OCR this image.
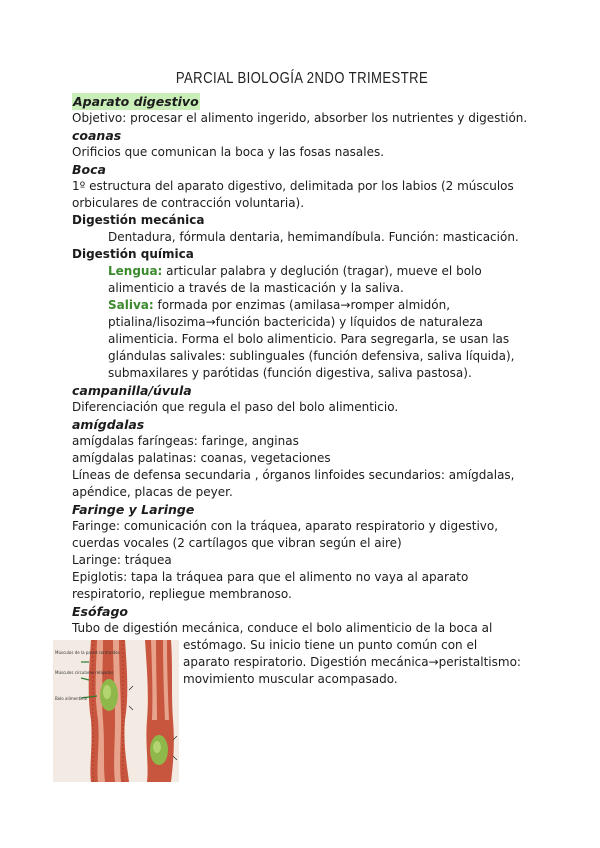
PARCIAL BIOLOGÍA 2NDO TRIMESTRE
Aparato digestivo

Objetivo: procesar el alimento ingerido, absorber los nutrientes y digestión.

coanas

Orificios que comunican la boca y las fosas nasales.

Boca

1º estructura del aparato digestivo, delimitada por los labios (2 músculos

orbiculares de contracción voluntaria).

Digestión mecánica

Dentadura, fórmula dentaria, hemimandíbula. Función: masticación.

Digestión química

Lengua: articular palabra y deglución (tragar), mueve el bolo

alimenticio a través de la masticación y la saliva.

Saliva: formada por enzimas (amilasa→romper almidón,

ptialina/lisozima→función bactericida) y líquidos de naturaleza

alimenticia. Forma el bolo alimenticio. Para segregarla, se usan las

glándulas salivales: sublinguales (función defensiva, saliva líquida),

submaxilares y parótidas (función digestiva, saliva pastosa).

campanilla/úvula

Diferenciación que regula el paso del bolo alimenticio.

amígdalas

amígdalas faríngeas: faringe, anginas

amígdalas palatinas: coanas, vegetaciones

Líneas de defensa secundaria , órganos linfoides secundarios: amígdalas,

apéndice, placas de peyer.

Faringe y Laringe

Faringe: comunicación con la tráquea, aparato respiratorio y digestivo,

cuerdas vocales (2 cartílagos que vibran según el aire)

Laringe: tráquea

Epiglotis: tapa la tráquea para que el alimento no vaya al aparato

respiratorio, repliegue membranoso.

Esófago

Tubo de digestión mecánica, conduce el bolo alimenticio de la boca al

estómago. Su inicio tiene un punto común con el

aparato respiratorio. Digestión mecánica→peristaltismo:

movimiento muscular acompasado.

Músculos de la pared contraídos
Músculos circulares relajados
Bolo alimenticio
